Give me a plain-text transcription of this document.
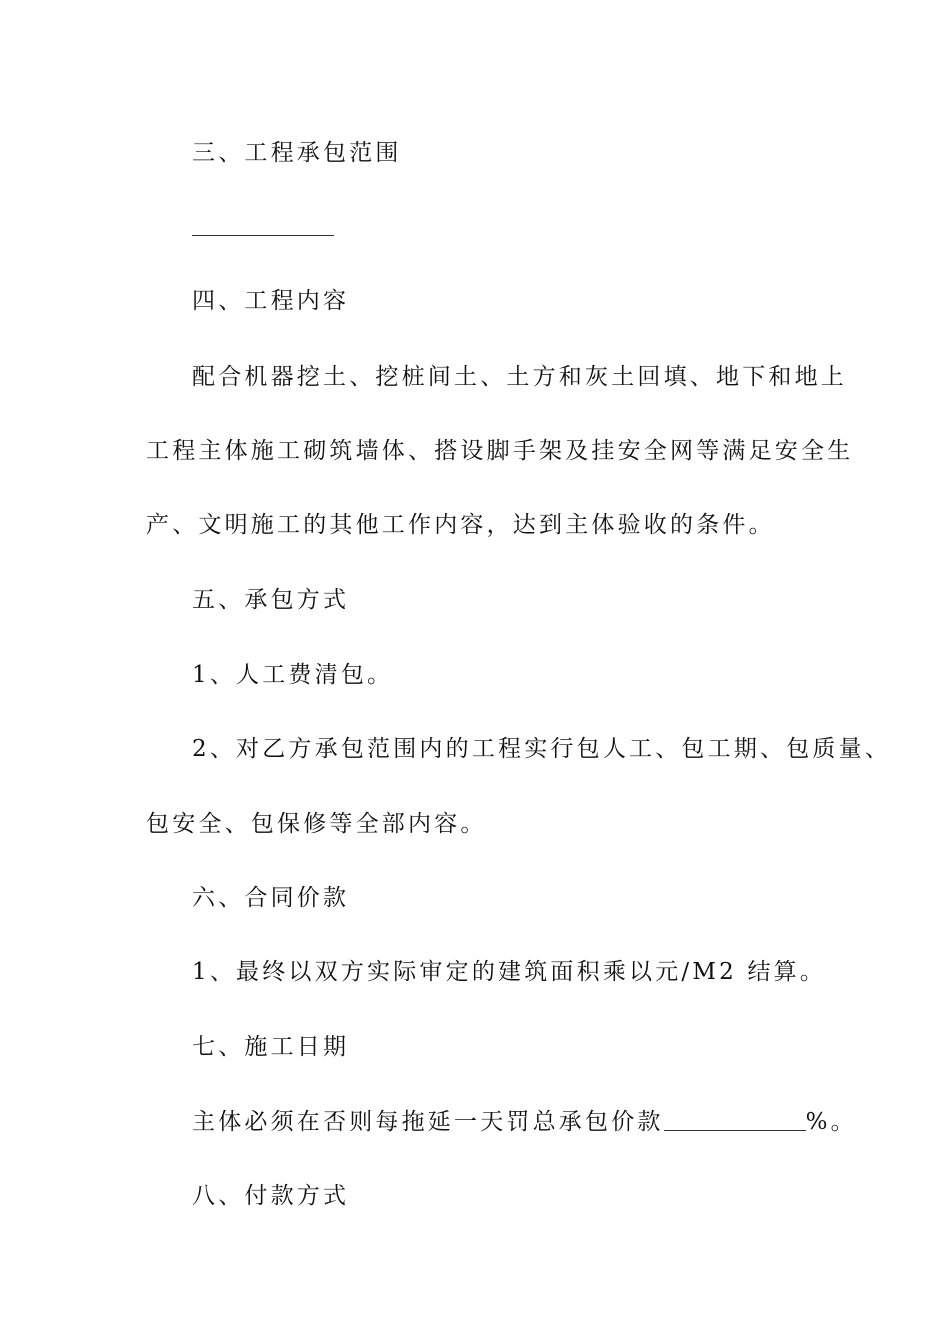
三、工程承包范围
四、工程内容
配合机器挖土、挖桩间土、土方和灰土回填、地下和地上
工程主体施工砌筑墙体、搭设脚手架及挂安全网等满足安全生
产、文明施工的其他工作内容，达到主体验收的条件。
五、承包方式
1、人工费清包。
2、对乙方承包范围内的工程实行包人工、包工期、包质量、
包安全、包保修等全部内容。
六、合同价款
1、最终以双方实际审定的建筑面积乘以元/M2 结算。
七、施工日期
主体必须在否则每拖延一天罚总承包价款	%。
八、付款方式
